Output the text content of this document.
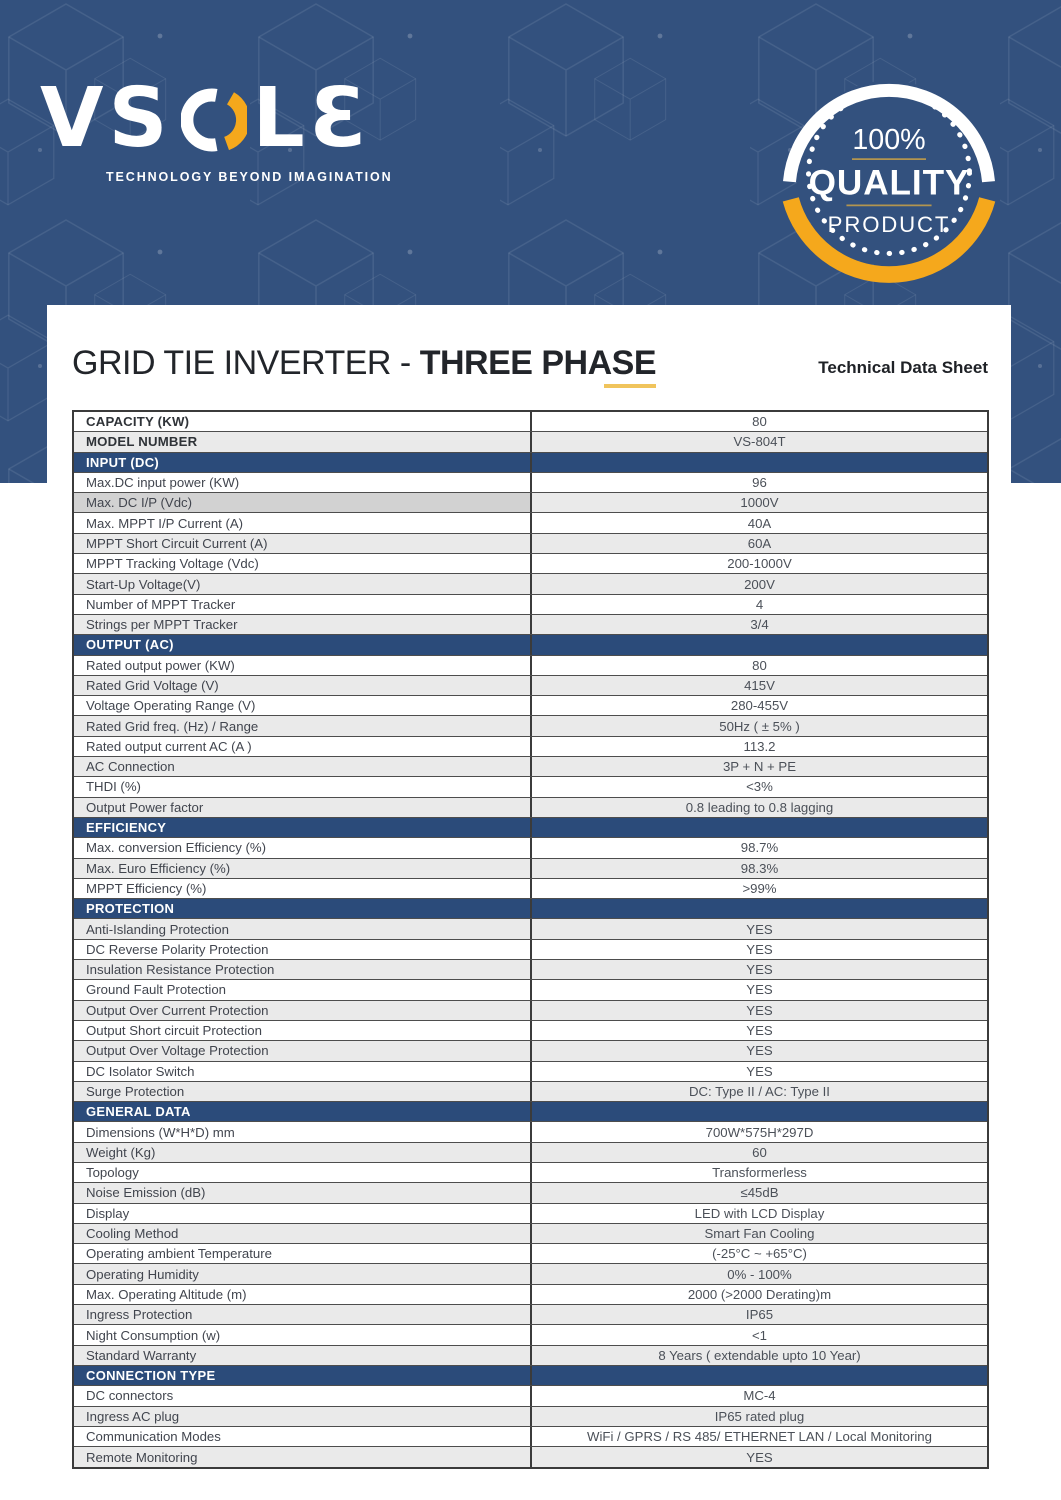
V S L Ɛ
TECHNOLOGY BEYOND IMAGINATION
100%
QUALITY
PRODUCT
GRID TIE INVERTER - THREE PHASE	Technical Data Sheet
CAPACITY (KW)	80
MODEL NUMBER	VS-804T
INPUT (DC)
Max.DC input power (KW)	96
Max. DC I/P (Vdc)	1000V
Max. MPPT I/P Current (A)	40A
MPPT Short Circuit Current (A)	60A
MPPT Tracking Voltage (Vdc)	200-1000V
Start-Up Voltage(V)	200V
Number of MPPT Tracker	4
Strings per MPPT Tracker	3/4
OUTPUT (AC)
Rated output power (KW)	80
Rated Grid Voltage (V)	415V
Voltage Operating Range (V)	280-455V
Rated Grid freq. (Hz) / Range	50Hz ( ± 5% )
Rated output current AC (A )	113.2
AC Connection	3P + N + PE
THDI (%)	<3%
Output Power factor	0.8 leading to 0.8 lagging
EFFICIENCY
Max. conversion Efficiency (%)	98.7%
Max. Euro Efficiency (%)	98.3%
MPPT Efficiency (%)	>99%
PROTECTION
Anti-Islanding Protection	YES
DC Reverse Polarity Protection	YES
Insulation Resistance Protection	YES
Ground Fault Protection	YES
Output Over Current Protection	YES
Output Short circuit Protection	YES
Output Over Voltage Protection	YES
DC Isolator Switch	YES
Surge Protection	DC: Type II / AC: Type II
GENERAL DATA
Dimensions (W*H*D) mm	700W*575H*297D
Weight (Kg)	60
Topology	Transformerless
Noise Emission (dB)	≤45dB
Display	LED with LCD Display
Cooling Method	Smart Fan Cooling
Operating ambient Temperature	(-25°C ~ +65°C)
Operating Humidity	0% - 100%
Max. Operating Altitude (m)	2000 (>2000 Derating)m
Ingress Protection	IP65
Night Consumption (w)	<1
Standard Warranty	8 Years ( extendable upto 10 Year)
CONNECTION TYPE
DC connectors	MC-4
Ingress AC plug	IP65 rated plug
Communication Modes	WiFi / GPRS / RS 485/ ETHERNET LAN / Local Monitoring
Remote Monitoring	YES
